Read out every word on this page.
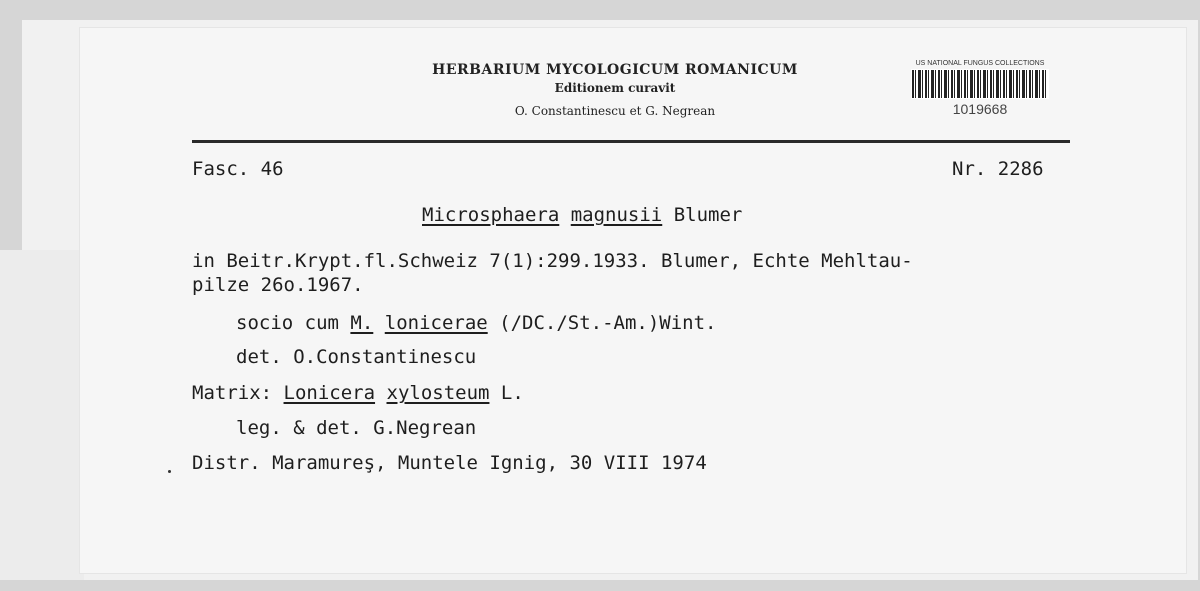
HERBARIUM MYCOLOGICUM ROMANICUM
Editionem curavit
O. Constantinescu et G. Negrean
US NATIONAL FUNGUS COLLECTIONS
1019668
Fasc. 46	Nr. 2286
Microsphaera magnusii Blumer
in Beitr.Krypt.fl.Schweiz 7(1):299.1933. Blumer, Echte Mehltau-
pilze 26o.1967.
socio cum M. lonicerae (/DC./St.-Am.)Wint.
det. O.Constantinescu
Matrix: Lonicera xylosteum L.
leg. & det. G.Negrean
Distr. Maramureş, Muntele Ignig, 30 VIII 1974
